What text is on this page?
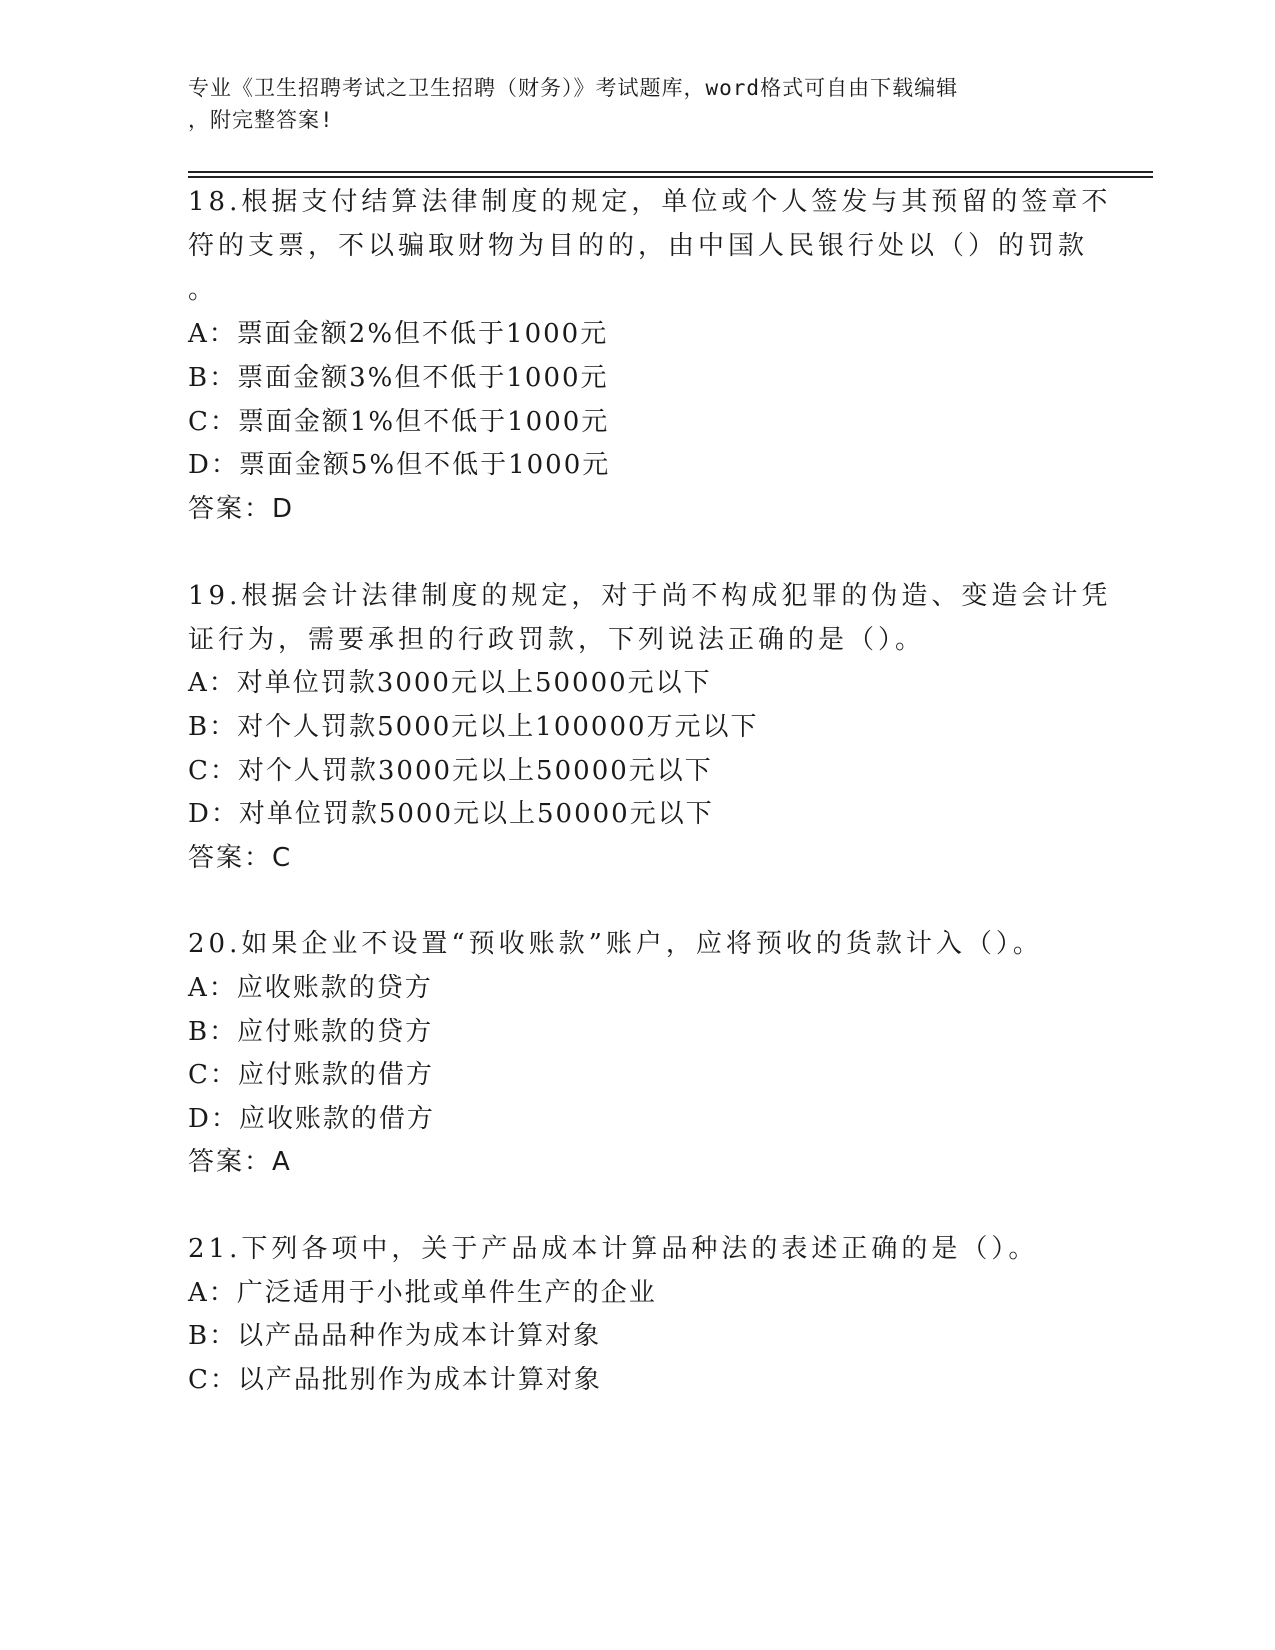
专业《卫生招聘考试之卫生招聘（财务）》考试题库，word格式可自由下载编辑
，附完整答案!
18.根据支付结算法律制度的规定，单位或个人签发与其预留的签章不
符的支票，不以骗取财物为目的的，由中国人民银行处以（）的罚款
。
A：票面金额2%但不低于1000元
B：票面金额3%但不低于1000元
C：票面金额1%但不低于1000元
D：票面金额5%但不低于1000元
答案：D
19.根据会计法律制度的规定，对于尚不构成犯罪的伪造、变造会计凭
证行为，需要承担的行政罚款，下列说法正确的是（）。
A：对单位罚款3000元以上50000元以下
B：对个人罚款5000元以上100000万元以下
C：对个人罚款3000元以上50000元以下
D：对单位罚款5000元以上50000元以下
答案：C
20.如果企业不设置“预收账款”账户，应将预收的货款计入（）。
A：应收账款的贷方
B：应付账款的贷方
C：应付账款的借方
D：应收账款的借方
答案：A
21.下列各项中，关于产品成本计算品种法的表述正确的是（）。
A：广泛适用于小批或单件生产的企业
B：以产品品种作为成本计算对象
C：以产品批别作为成本计算对象
